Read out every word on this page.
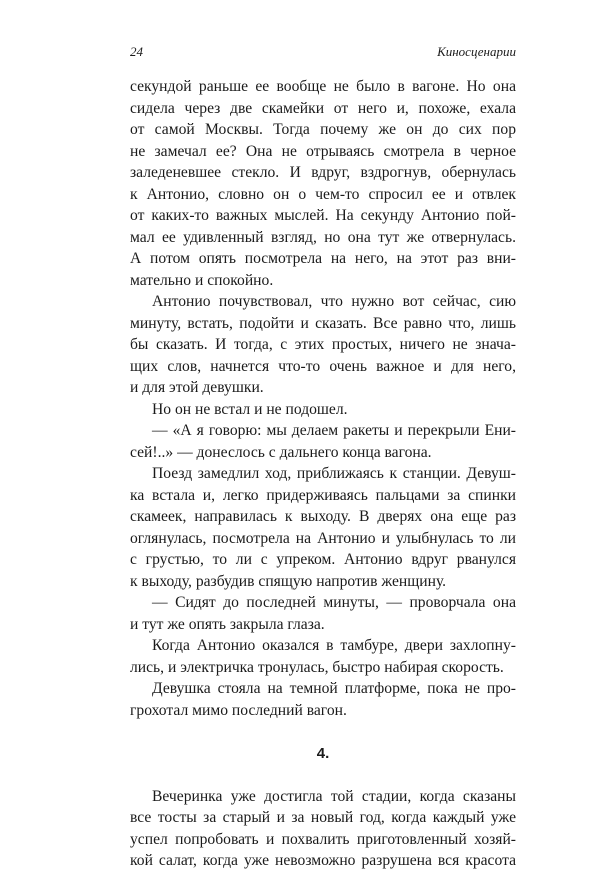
24	Киносценарии
секундой раньше ее вообще не было в вагоне. Но она
сидела через две скамейки от него и, похоже, ехала
от самой Москвы. Тогда почему же он до сих пор
не замечал ее? Она не отрываясь смотрела в черное
заледеневшее стекло. И вдруг, вздрогнув, обернулась
к Антонио, словно он о чем-то спросил ее и отвлек
от каких-то важных мыслей. На секунду Антонио пой-
мал ее удивленный взгляд, но она тут же отвернулась.
А потом опять посмотрела на него, на этот раз вни-
мательно и спокойно.
Антонио почувствовал, что нужно вот сейчас, сию
минуту, встать, подойти и сказать. Все равно что, лишь
бы сказать. И тогда, с этих простых, ничего не знача-
щих слов, начнется что-то очень важное и для него,
и для этой девушки.
Но он не встал и не подошел.
— «А я говорю: мы делаем ракеты и перекрыли Ени-
сей!..» — донеслось с дальнего конца вагона.
Поезд замедлил ход, приближаясь к станции. Девуш-
ка встала и, легко придерживаясь пальцами за спинки
скамеек, направилась к выходу. В дверях она еще раз
оглянулась, посмотрела на Антонио и улыбнулась то ли
с грустью, то ли с упреком. Антонио вдруг рванулся
к выходу, разбудив спящую напротив женщину.
— Сидят до последней минуты, — проворчала она
и тут же опять закрыла глаза.
Когда Антонио оказался в тамбуре, двери захлопну-
лись, и электричка тронулась, быстро набирая скорость.
Девушка стояла на темной платформе, пока не про-
грохотал мимо последний вагон.
4.
Вечеринка уже достигла той стадии, когда сказаны
все тосты за старый и за новый год, когда каждый уже
успел попробовать и похвалить приготовленный хозяй-
кой салат, когда уже невозможно разрушена вся красота
